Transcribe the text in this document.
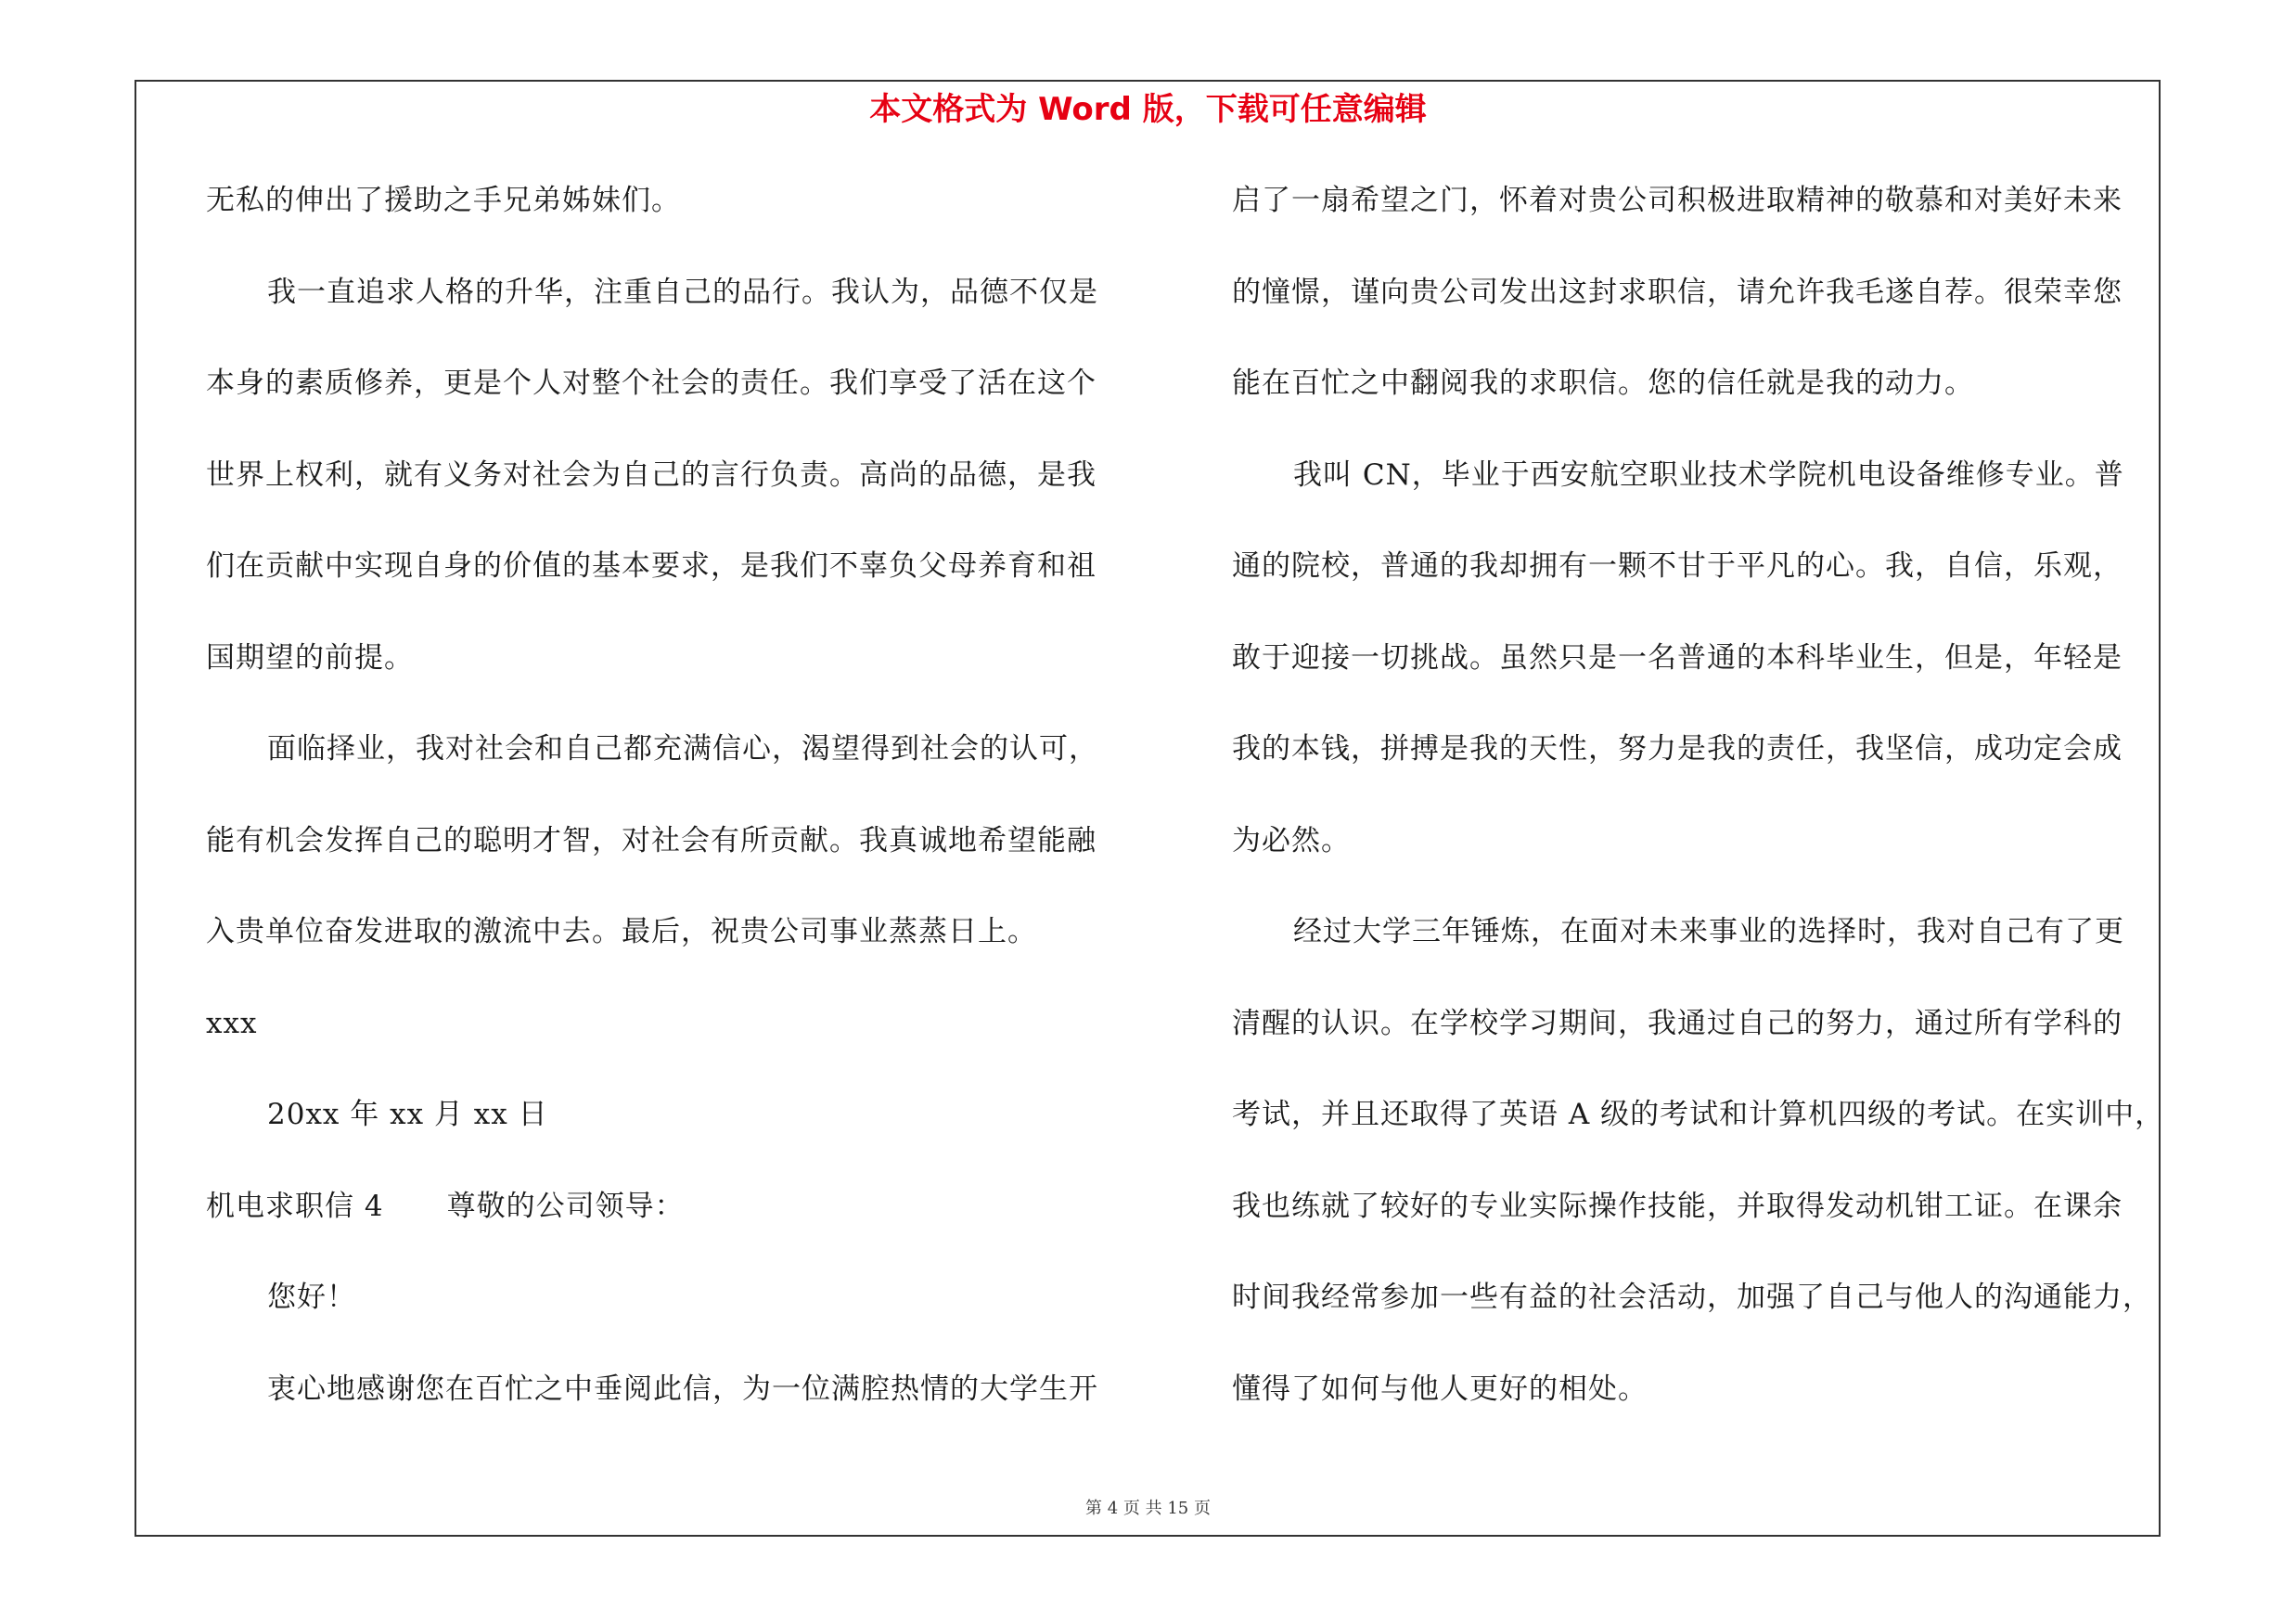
本文格式为 Word 版，下载可任意编辑
无私的伸出了援助之手兄弟姊妹们。
我一直追求人格的升华，注重自己的品行。我认为，品德不仅是
本身的素质修养，更是个人对整个社会的责任。我们享受了活在这个
世界上权利，就有义务对社会为自己的言行负责。高尚的品德，是我
们在贡献中实现自身的价值的基本要求，是我们不辜负父母养育和祖
国期望的前提。
面临择业，我对社会和自己都充满信心，渴望得到社会的认可，
能有机会发挥自己的聪明才智，对社会有所贡献。我真诚地希望能融
入贵单位奋发进取的激流中去。最后，祝贵公司事业蒸蒸日上。
xxx
20xx 年 xx 月 xx 日
机电求职信 4 尊敬的公司领导：
您好！
衷心地感谢您在百忙之中垂阅此信，为一位满腔热情的大学生开
启了一扇希望之门，怀着对贵公司积极进取精神的敬慕和对美好未来
的憧憬，谨向贵公司发出这封求职信，请允许我毛遂自荐。很荣幸您
能在百忙之中翻阅我的求职信。您的信任就是我的动力。
我叫 CN，毕业于西安航空职业技术学院机电设备维修专业。普
通的院校，普通的我却拥有一颗不甘于平凡的心。我，自信，乐观，
敢于迎接一切挑战。虽然只是一名普通的本科毕业生，但是，年轻是
我的本钱，拼搏是我的天性，努力是我的责任，我坚信，成功定会成
为必然。
经过大学三年锤炼，在面对未来事业的选择时，我对自己有了更
清醒的认识。在学校学习期间，我通过自己的努力，通过所有学科的
考试，并且还取得了英语 A 级的考试和计算机四级的考试。在实训中，
我也练就了较好的专业实际操作技能，并取得发动机钳工证。在课余
时间我经常参加一些有益的社会活动，加强了自己与他人的沟通能力，
懂得了如何与他人更好的相处。
第 4 页 共 15 页
